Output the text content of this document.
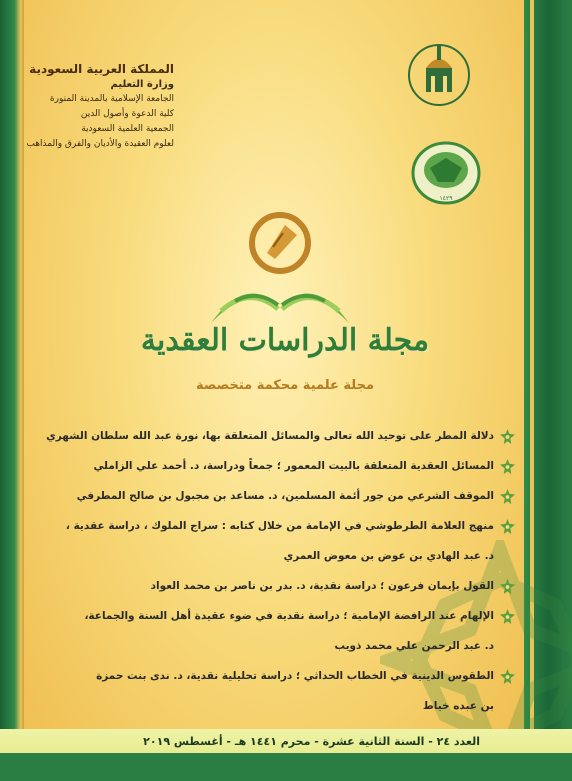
١٤٢٩
المملكة العربية السعودية
وزارة التعليم
الجامعة الإسلامية بالمدينة المنورة
كلية الدعوة وأصول الدين
الجمعية العلمية السعودية
لعلوم العقيدة والأديان والفرق والمذاهب
مجلة الدراسات العقدية
مجلة علمية محكمة متخصصة
دلالة المطر على توحيد الله تعالى والمسائل المتعلقة بها، نورة عبد الله سلطان الشهري
المسائل العقدية المتعلقة بالبيت المعمور ؛ جمعاً ودراسة، د. أحمد علي الزاملي
الموقف الشرعي من جور أئمة المسلمين، د. مساعد بن مجبول بن صالح المطرفي
منهج العلامة الطرطوشي في الإمامة من خلال كتابه : سراج الملوك ، دراسة عقدية ،
د. عبد الهادي بن عوض بن معوض العمري
القول بإيمان فرعون ؛ دراسة نقدية، د. بدر بن ناصر بن محمد العواد
الإلهام عند الرافضة الإمامية ؛ دراسة نقدية في ضوء عقيدة أهل السنة والجماعة،
د. عبد الرحمن علي محمد ذويب
الطقوس الدينية في الخطاب الحداثي ؛ دراسة تحليلية نقدية، د. ندى بنت حمزة
بن عبده خياط
العدد ٢٤ - السنة الثانية عشرة - محرم ١٤٤١ هـ - أغسطس ٢٠١٩
